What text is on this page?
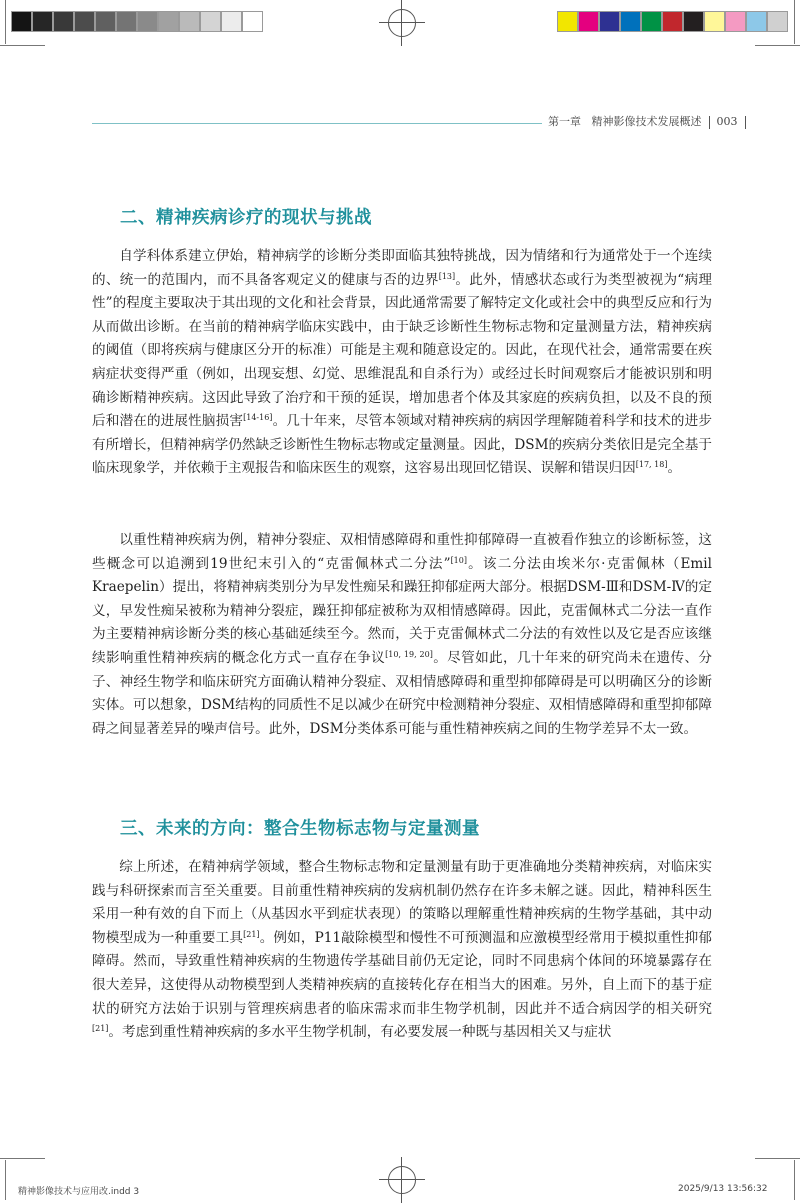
第一章 精神影像技术发展概述 003
二、精神疾病诊疗的现状与挑战

自学科体系建立伊始，精神病学的诊断分类即面临其独特挑战，因为情绪和行为通常处于一个连续的、统一的范围内，而不具备客观定义的健康与否的边界[13]。此外，情感状态或行为类型被视为“病理性”的程度主要取决于其出现的文化和社会背景，因此通常需要了解特定文化或社会中的典型反应和行为从而做出诊断。在当前的精神病学临床实践中，由于缺乏诊断性生物标志物和定量测量方法，精神疾病的阈值（即将疾病与健康区分开的标准）可能是主观和随意设定的。因此，在现代社会，通常需要在疾病症状变得严重（例如，出现妄想、幻觉、思维混乱和自杀行为）或经过长时间观察后才能被识别和明确诊断精神疾病。这因此导致了治疗和干预的延误，增加患者个体及其家庭的疾病负担，以及不良的预后和潜在的进展性脑损害[14-16]。几十年来，尽管本领域对精神疾病的病因学理解随着科学和技术的进步有所增长，但精神病学仍然缺乏诊断性生物标志物或定量测量。因此，DSM的疾病分类依旧是完全基于临床现象学，并依赖于主观报告和临床医生的观察，这容易出现回忆错误、误解和错误归因[17, 18]。

以重性精神疾病为例，精神分裂症、双相情感障碍和重性抑郁障碍一直被看作独立的诊断标签，这些概念可以追溯到19世纪末引入的“克雷佩林式二分法”[10]。该二分法由埃米尔·克雷佩林（Emil Kraepelin）提出，将精神病类别分为早发性痴呆和躁狂抑郁症两大部分。根据DSM-Ⅲ和DSM-Ⅳ的定义，早发性痴呆被称为精神分裂症，躁狂抑郁症被称为双相情感障碍。因此，克雷佩林式二分法一直作为主要精神病诊断分类的核心基础延续至今。然而，关于克雷佩林式二分法的有效性以及它是否应该继续影响重性精神疾病的概念化方式一直存在争议[10, 19, 20]。尽管如此，几十年来的研究尚未在遗传、分子、神经生物学和临床研究方面确认精神分裂症、双相情感障碍和重型抑郁障碍是可以明确区分的诊断实体。可以想象，DSM结构的同质性不足以减少在研究中检测精神分裂症、双相情感障碍和重型抑郁障碍之间显著差异的噪声信号。此外，DSM分类体系可能与重性精神疾病之间的生物学差异不太一致。

三、未来的方向：整合生物标志物与定量测量

综上所述，在精神病学领域，整合生物标志物和定量测量有助于更准确地分类精神疾病，对临床实践与科研探索而言至关重要。目前重性精神疾病的发病机制仍然存在许多未解之谜。因此，精神科医生采用一种有效的自下而上（从基因水平到症状表现）的策略以理解重性精神疾病的生物学基础，其中动物模型成为一种重要工具[21]。例如，P11敲除模型和慢性不可预测温和应激模型经常用于模拟重性抑郁障碍。然而，导致重性精神疾病的生物遗传学基础目前仍无定论，同时不同患病个体间的环境暴露存在很大差异，这使得从动物模型到人类精神疾病的直接转化存在相当大的困难。另外，自上而下的基于症状的研究方法始于识别与管理疾病患者的临床需求而非生物学机制，因此并不适合病因学的相关研究[21]。考虑到重性精神疾病的多水平生物学机制，有必要发展一种既与基因相关又与症状

精神影像技术与应用改.indd 3	2025/9/13 13:56:32
